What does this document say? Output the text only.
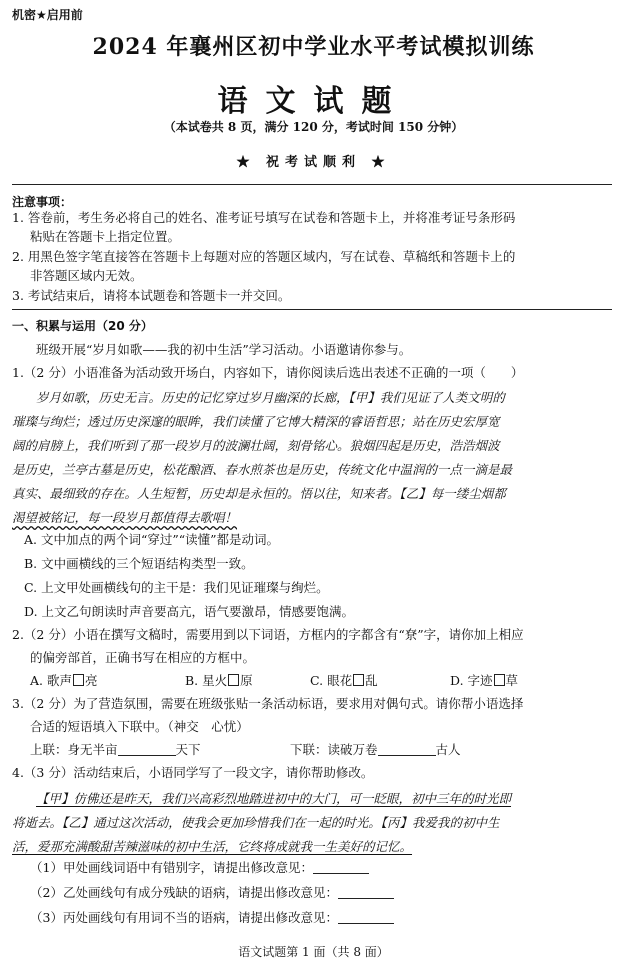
机密★启用前
2024 年襄州区初中学业水平考试模拟训练
语文试题
（本试卷共 8 页，满分 120 分，考试时间 150 分钟）
★ 祝考试顺利 ★
注意事项：
1. 答卷前，考生务必将自己的姓名、准考证号填写在试卷和答题卡上，并将准考证号条形码
粘贴在答题卡上指定位置。
2. 用黑色签字笔直接答在答题卡上每题对应的答题区域内，写在试卷、草稿纸和答题卡上的
非答题区域内无效。
3. 考试结束后，请将本试题卷和答题卡一并交回。
一、积累与运用（20 分）
班级开展“岁月如歌——我的初中生活”学习活动。小语邀请你参与。
1.（2 分）小语准备为活动致开场白，内容如下，请你阅读后选出表述不正确的一项（　　）
岁月如歌，历史无言。历史的记忆穿过岁月幽深的长廊，【甲】我们见证了人类文明的
璀璨与绚烂；透过历史深邃的眼眸，我们读懂了它博大精深的睿语哲思；站在历史宏厚宽
阔的肩膀上，我们听到了那一段岁月的波澜壮阔，刻骨铭心。狼烟四起是历史，浩浩烟波
是历史，兰亭古墓是历史，松花酿酒、春水煎茶也是历史，传统文化中温润的一点一滴是最
真实、最细致的存在。人生短暂，历史却是永恒的。悟以往，知来者。【乙】每一缕尘烟都
渴望被铭记，每一段岁月都值得去歌唱！
A. 文中加点的两个词“穿过”“读懂”都是动词。
B. 文中画横线的三个短语结构类型一致。
C. 上文甲处画横线句的主干是：我们见证璀璨与绚烂。
D. 上文乙句朗读时声音要高亢，语气要激昂，情感要饱满。
2.（2 分）小语在撰写文稿时，需要用到以下词语，方框内的字都含有“尞”字，请你加上相应
的偏旁部首，正确书写在相应的方框中。
A. 歌声 亮	B. 星火 原	C. 眼花 乱	D. 字迹 草
3.（2 分）为了营造氛围，需要在班级张贴一条活动标语，要求用对偶句式。请你帮小语选择
合适的短语填入下联中。（神交　心忧）
上联：身无半亩	天下	下联：读破万卷	古人
4.（3 分）活动结束后，小语同学写了一段文字，请你帮助修改。
【甲】仿佛还是昨天，我们兴高彩烈地踏进初中的大门，可一眨眼，初中三年的时光即
将逝去。【乙】通过这次活动，使我会更加珍惜我们在一起的时光。【丙】我爱我的初中生
活，爱那充满酸甜苦辣滋味的初中生活，它终将成就我一生美好的记忆。
（1）甲处画线词语中有错别字，请提出修改意见：
（2）乙处画线句有成分残缺的语病，请提出修改意见：
（3）丙处画线句有用词不当的语病，请提出修改意见：
语文试题第 1 面（共 8 面）
